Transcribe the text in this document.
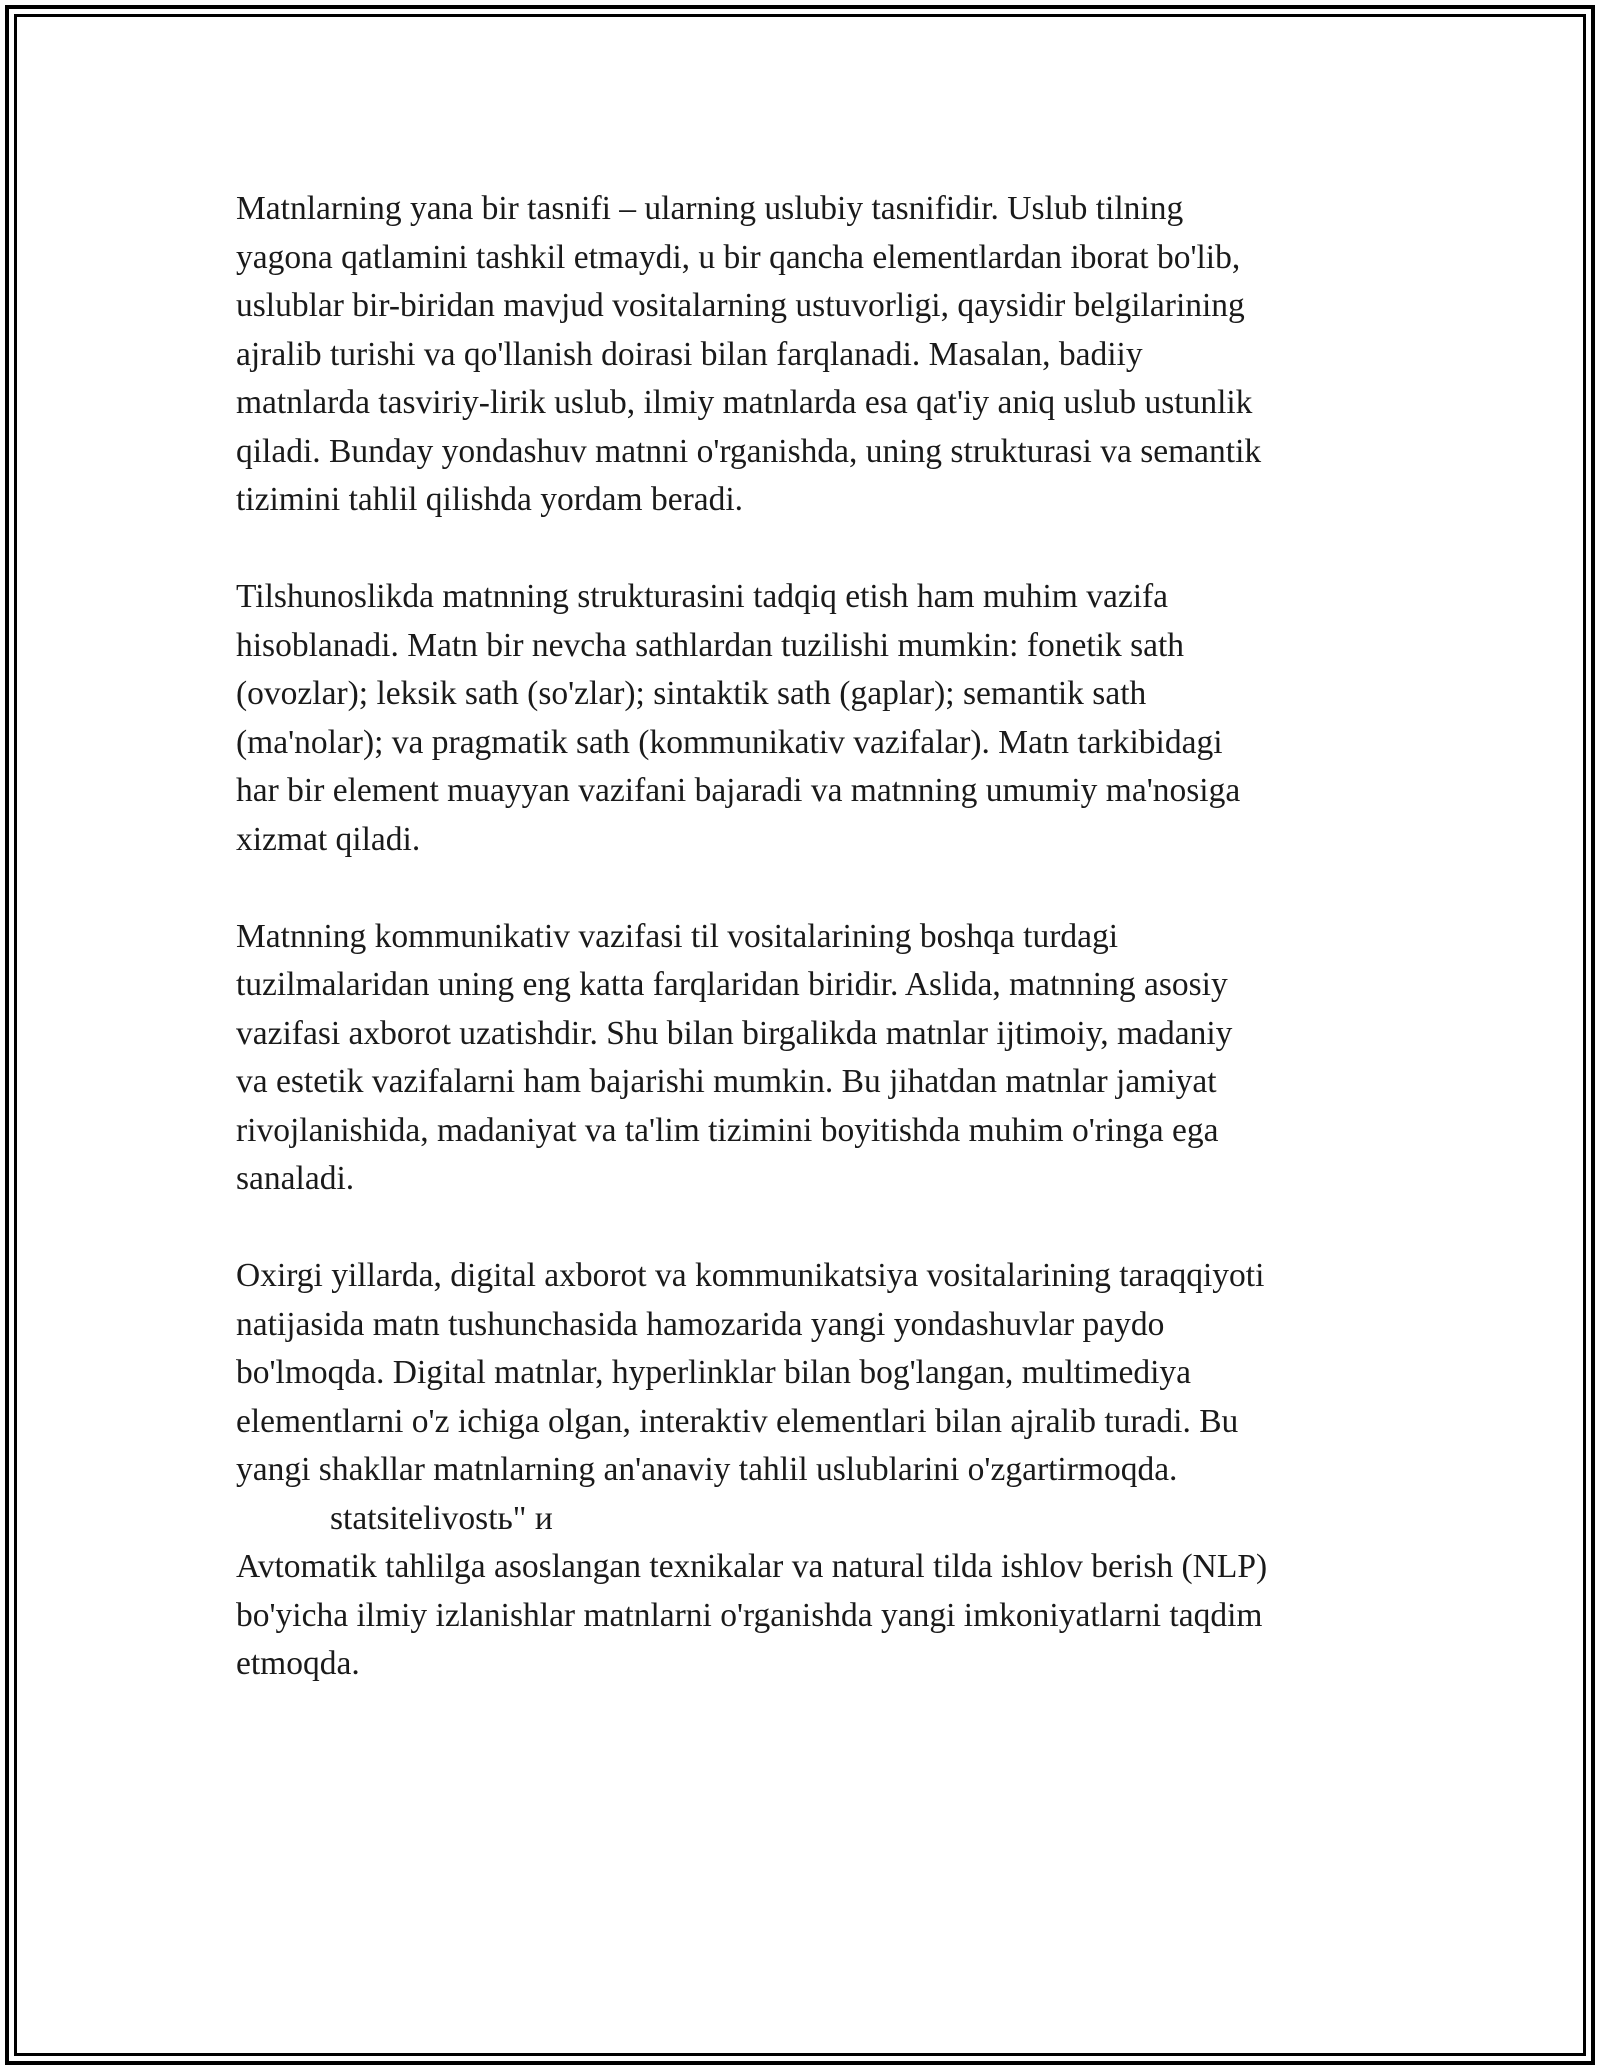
Matnlarning yana bir tasnifi – ularning uslubiy tasnifidir. Uslub tilning
yagona qatlamini tashkil etmaydi, u bir qancha elementlardan iborat bo'lib,
uslublar bir-biridan mavjud vositalarning ustuvorligi, qaysidir belgilarining
ajralib turishi va qo'llanish doirasi bilan farqlanadi. Masalan, badiiy
matnlarda tasviriy-lirik uslub, ilmiy matnlarda esa qat'iy aniq uslub ustunlik
qiladi. Bunday yondashuv matnni o'rganishda, uning strukturasi va semantik
tizimini tahlil qilishda yordam beradi.

Tilshunoslikda matnning strukturasini tadqiq etish ham muhim vazifa
hisoblanadi. Matn bir nevcha sathlardan tuzilishi mumkin: fonetik sath
(ovozlar); leksik sath (so'zlar); sintaktik sath (gaplar); semantik sath
(ma'nolar); va pragmatik sath (kommunikativ vazifalar). Matn tarkibidagi
har bir element muayyan vazifani bajaradi va matnning umumiy ma'nosiga
xizmat qiladi.

Matnning kommunikativ vazifasi til vositalarining boshqa turdagi
tuzilmalaridan uning eng katta farqlaridan biridir. Aslida, matnning asosiy
vazifasi axborot uzatishdir. Shu bilan birgalikda matnlar ijtimoiy, madaniy
va estetik vazifalarni ham bajarishi mumkin. Bu jihatdan matnlar jamiyat
rivojlanishida, madaniyat va ta'lim tizimini boyitishda muhim o'ringa ega
sanaladi.

Oxirgi yillarda, digital axborot va kommunikatsiya vositalarining taraqqiyoti
natijasida matn tushunchasida hamozarida yangi yondashuvlar paydo
bo'lmoqda. Digital matnlar, hyperlinklar bilan bog'langan, multimediya
elementlarni o'z ichiga olgan, interaktiv elementlari bilan ajralib turadi. Bu
yangi shakllar matnlarning an'anaviy tahlil uslublarini o'zgartirmoqda.

statsitelivostь" и

Avtomatik tahlilga asoslangan texnikalar va natural tilda ishlov berish (NLP)
bo'yicha ilmiy izlanishlar matnlarni o'rganishda yangi imkoniyatlarni taqdim
etmoqda.
